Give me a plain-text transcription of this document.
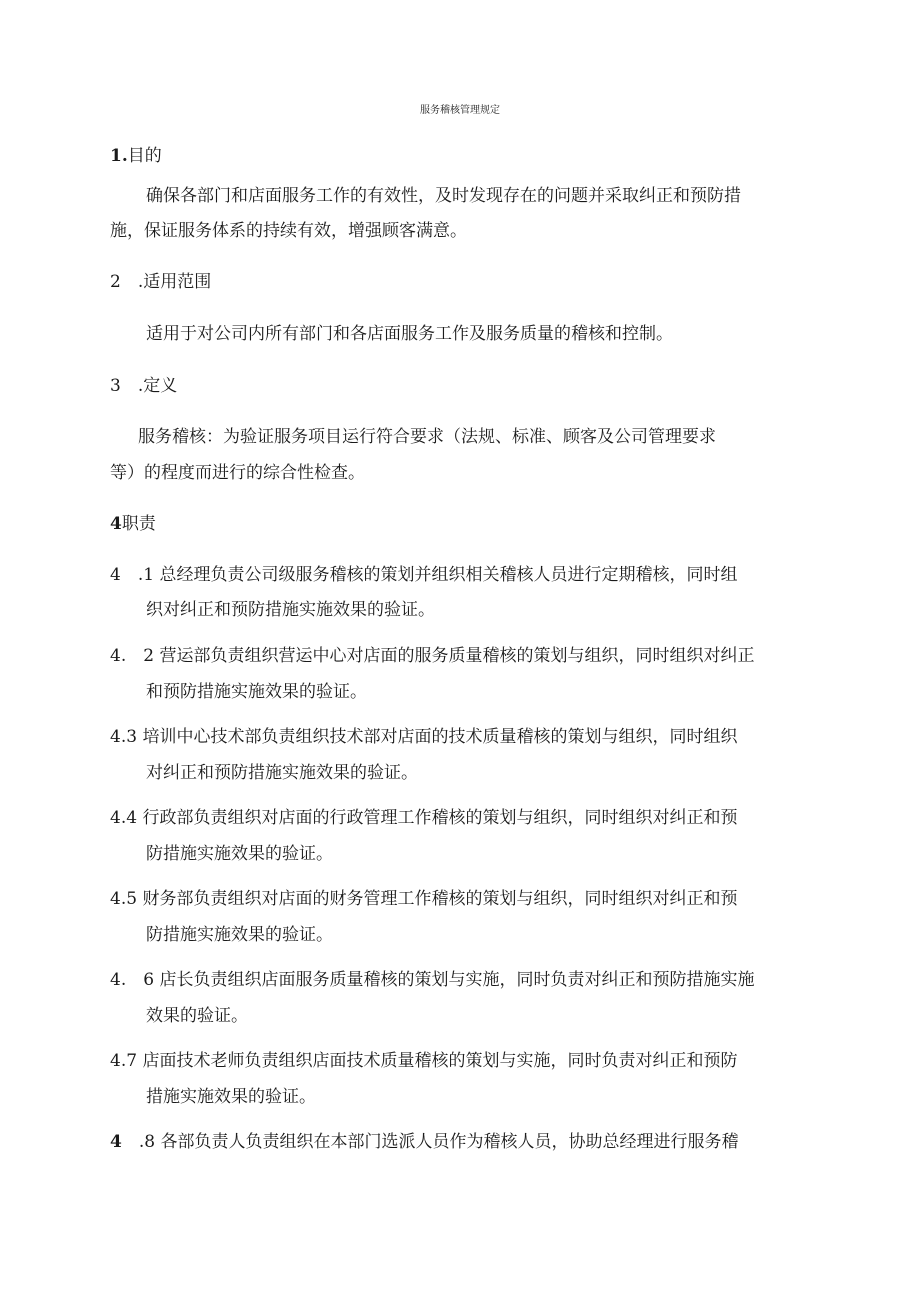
服务稽核管理规定
1.目的
确保各部门和店面服务工作的有效性，及时发现存在的问题并采取纠正和预防措
施，保证服务体系的持续有效，增强顾客满意。
2　.适用范围
适用于对公司内所有部门和各店面服务工作及服务质量的稽核和控制。
3　.定义
服务稽核：为验证服务项目运行符合要求（法规、标准、顾客及公司管理要求
等）的程度而进行的综合性检查。
4职责
4　.1 总经理负责公司级服务稽核的策划并组织相关稽核人员进行定期稽核，同时组
织对纠正和预防措施实施效果的验证。
4.　2 营运部负责组织营运中心对店面的服务质量稽核的策划与组织，同时组织对纠正
和预防措施实施效果的验证。
4.3 培训中心技术部负责组织技术部对店面的技术质量稽核的策划与组织，同时组织
对纠正和预防措施实施效果的验证。
4.4 行政部负责组织对店面的行政管理工作稽核的策划与组织，同时组织对纠正和预
防措施实施效果的验证。
4.5 财务部负责组织对店面的财务管理工作稽核的策划与组织，同时组织对纠正和预
防措施实施效果的验证。
4.　6 店长负责组织店面服务质量稽核的策划与实施，同时负责对纠正和预防措施实施
效果的验证。
4.7 店面技术老师负责组织店面技术质量稽核的策划与实施，同时负责对纠正和预防
措施实施效果的验证。
4　.8 各部负责人负责组织在本部门选派人员作为稽核人员，协助总经理进行服务稽
